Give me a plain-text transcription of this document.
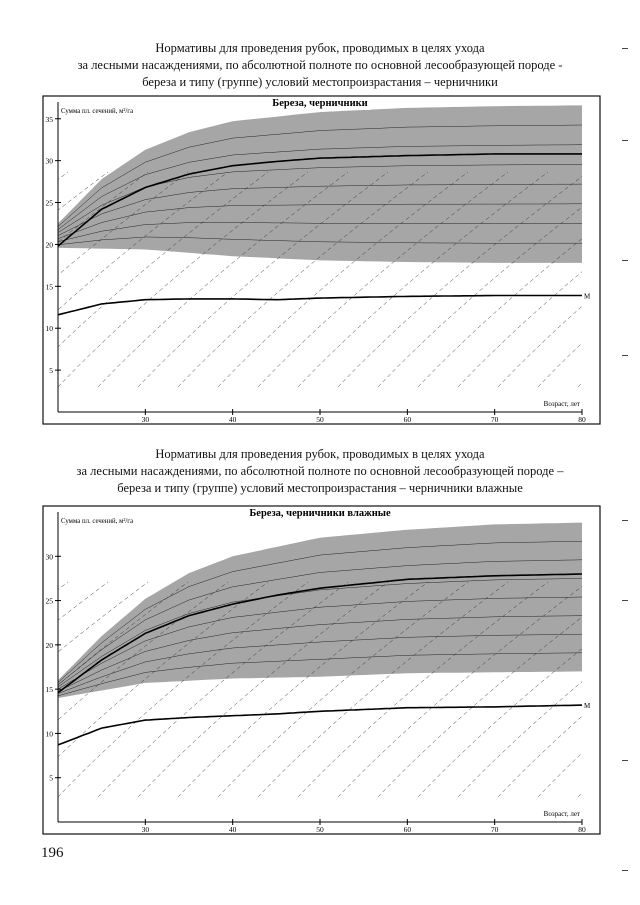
Нормативы для проведения рубок, проводимых в целях ухода
за лесными насаждениями, по абсолютной полноте по основной лесообразующей породе -
береза и типу (группе) условий местопроизрастания – черничники
5
10
15
20
25
30
35
30	40	50	60	70	80
Береза, черничники
Сумма пл. сечений, м²/га
Возраст, лет
M
Нормативы для проведения рубок, проводимых в целях ухода
за лесными насаждениями, по абсолютной полноте по основной лесообразующей породе –
береза и типу (группе) условий местопроизрастания – черничники влажные
5
10
15
20
25
30
30	40	50	60	70	80
Береза, черничники влажные
Сумма пл. сечений, м²/га
Возраст, лет
M
196
